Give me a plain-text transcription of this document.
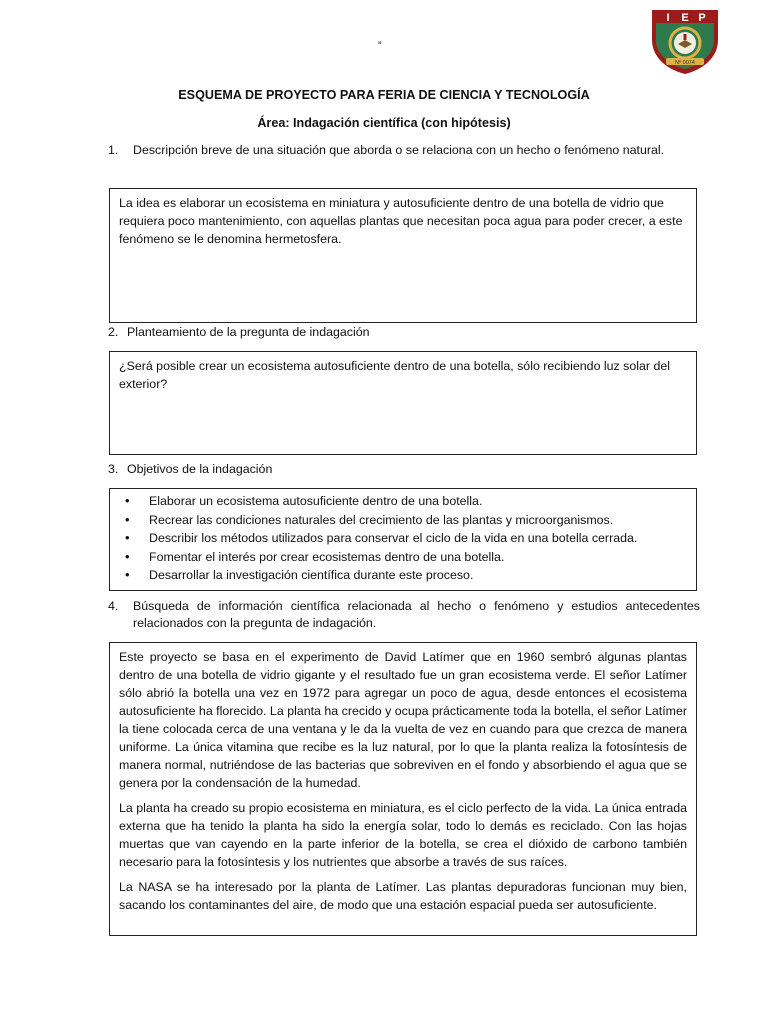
”
I E P
Nº 0074
ESQUEMA DE PROYECTO PARA FERIA DE CIENCIA Y TECNOLOGÍA
Área: Indagación científica (con hipótesis)
1. Descripción breve de una situación que aborda o se relaciona con un hecho o fenómeno natural.

La idea es elaborar un ecosistema en miniatura y autosuficiente dentro de una botella de vidrio que requiera poco mantenimiento, con aquellas plantas que necesitan poca agua para poder crecer, a este fenómeno se le denomina hermetosfera.

2. Planteamiento de la pregunta de indagación

¿Será posible crear un ecosistema autosuficiente dentro de una botella, sólo recibiendo luz solar del exterior?

3. Objetivos de la indagación
• Elaborar un ecosistema autosuficiente dentro de una botella.
• Recrear las condiciones naturales del crecimiento de las plantas y microorganismos.
• Describir los métodos utilizados para conservar el ciclo de la vida en una botella cerrada.
• Fomentar el interés por crear ecosistemas dentro de una botella.
• Desarrollar la investigación científica durante este proceso.
4. Búsqueda de información científica relacionada al hecho o fenómeno y estudios antecedentes relacionados con la pregunta de indagación.

Este proyecto se basa en el experimento de David Latímer que en 1960 sembró algunas plantas dentro de una botella de vidrio gigante y el resultado fue un gran ecosistema verde. El señor Latímer sólo abrió la botella una vez en 1972 para agregar un poco de agua, desde entonces el ecosistema autosuficiente ha florecido. La planta ha crecido y ocupa prácticamente toda la botella, el señor Latímer la tiene colocada cerca de una ventana y le da la vuelta de vez en cuando para que crezca de manera uniforme. La única vitamina que recibe es la luz natural, por lo que la planta realiza la fotosíntesis de manera normal, nutriéndose de las bacterias que sobreviven en el fondo y absorbiendo el agua que se genera por la condensación de la humedad.

La planta ha creado su propio ecosistema en miniatura, es el ciclo perfecto de la vida. La única entrada externa que ha tenido la planta ha sido la energía solar, todo lo demás es reciclado. Con las hojas muertas que van cayendo en la parte inferior de la botella, se crea el dióxido de carbono también necesario para la fotosíntesis y los nutrientes que absorbe a través de sus raíces.

La NASA se ha interesado por la planta de Latímer. Las plantas depuradoras funcionan muy bien, sacando los contaminantes del aire, de modo que una estación espacial pueda ser autosuficiente.
